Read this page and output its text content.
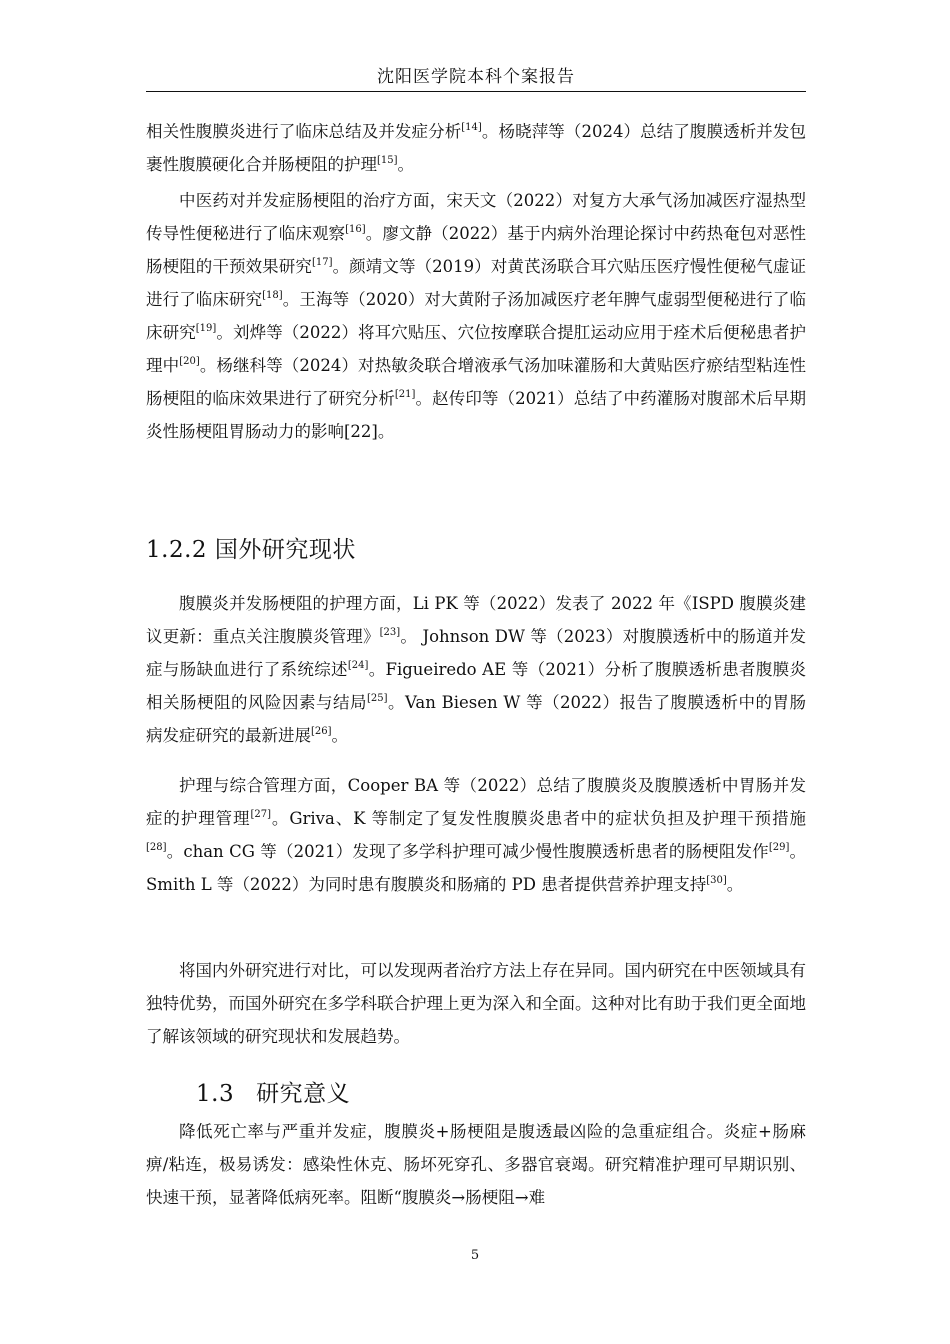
沈阳医学院本科个案报告

相关性腹膜炎进行了临床总结及并发症分析[14]。杨晓萍等（2024）总结了腹膜透析并发包裹性腹膜硬化合并肠梗阻的护理[15]。

中医药对并发症肠梗阻的治疗方面，宋天文（2022）对复方大承气汤加减医疗湿热型传导性便秘进行了临床观察[16]。廖文静（2022）基于内病外治理论探讨中药热奄包对恶性肠梗阻的干预效果研究[17]。颜靖文等（2019）对黄芪汤联合耳穴贴压医疗慢性便秘气虚证进行了临床研究[18]。王海等（2020）对大黄附子汤加减医疗老年脾气虚弱型便秘进行了临床研究[19]。刘烨等（2022）将耳穴贴压、穴位按摩联合提肛运动应用于痊术后便秘患者护理中[20]。杨继科等（2024）对热敏灸联合增液承气汤加味灌肠和大黄贴医疗瘀结型粘连性肠梗阻的临床效果进行了研究分析[21]。赵传印等（2021）总结了中药灌肠对腹部术后早期炎性肠梗阻胃肠动力的影响[22]。

1.2.2 国外研究现状

腹膜炎并发肠梗阻的护理方面，Li PK 等（2022）发表了 2022 年《ISPD 腹膜炎建议更新：重点关注腹膜炎管理》[23]。 Johnson DW 等（2023）对腹膜透析中的肠道并发症与肠缺血进行了系统综述[24]。Figueiredo AE 等（2021）分析了腹膜透析患者腹膜炎相关肠梗阻的风险因素与结局[25]。Van Biesen W 等（2022）报告了腹膜透析中的胃肠病发症研究的最新进展[26]。

护理与综合管理方面，Cooper BA 等（2022）总结了腹膜炎及腹膜透析中胃肠并发症的护理管理[27]。Griva、K 等制定了复发性腹膜炎患者中的症状负担及护理干预措施[28]。chan CG 等（2021）发现了多学科护理可减少慢性腹膜透析患者的肠梗阻发作[29]。Smith L 等（2022）为同时患有腹膜炎和肠痛的 PD 患者提供营养护理支持[30]。

将国内外研究进行对比，可以发现两者治疗方法上存在异同。国内研究在中医领域具有独特优势，而国外研究在多学科联合护理上更为深入和全面。这种对比有助于我们更全面地了解该领域的研究现状和发展趋势。

1.3 研究意义

降低死亡率与严重并发症，腹膜炎+肠梗阻是腹透最凶险的急重症组合。炎症+肠麻痹/粘连，极易诱发：感染性休克、肠坏死穿孔、多器官衰竭。研究精准护理可早期识别、快速干预，显著降低病死率。阻断“腹膜炎→肠梗阻→难

5
